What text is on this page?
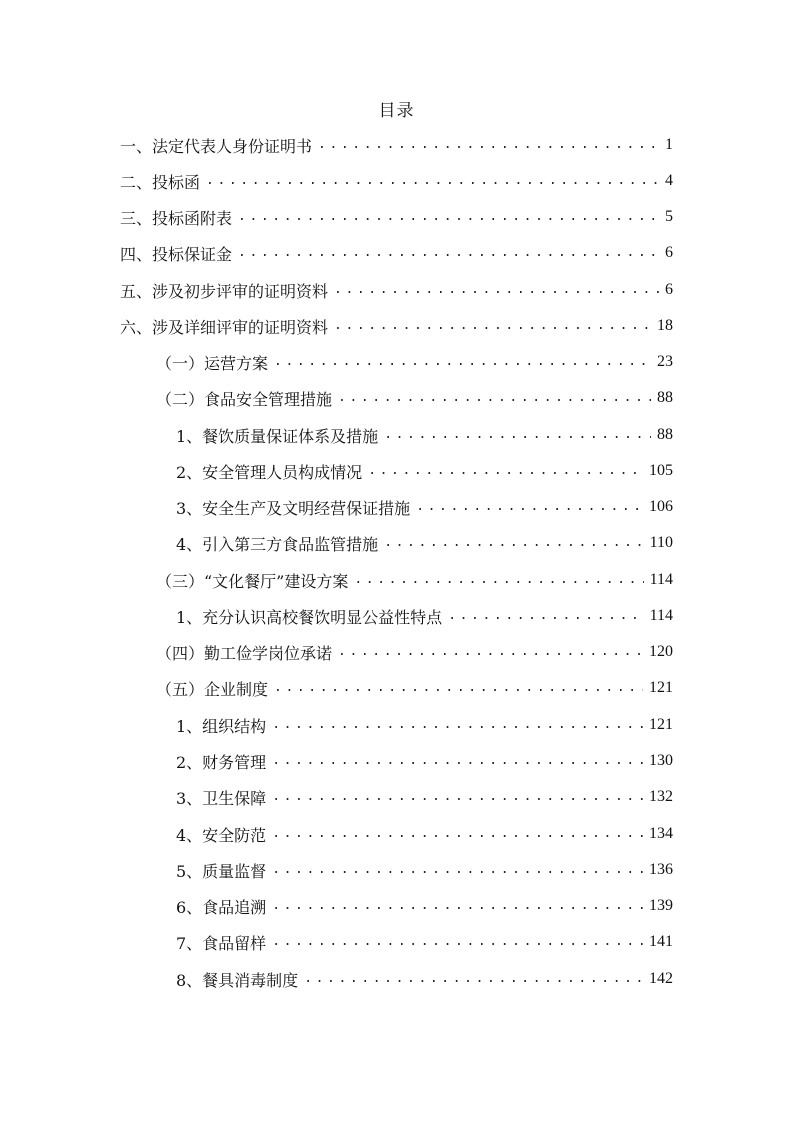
目录
一、法定代表人身份证明书 .....	1
二、投标函 .....	4
三、投标函附表 .....	5
四、投标保证金 .....	6
五、涉及初步评审的证明资料 .....	6
六、涉及详细评审的证明资料 .....	18
（一）运营方案 .....	23
（二）食品安全管理措施 .....	88
1、餐饮质量保证体系及措施 .....	88
2、安全管理人员构成情况 .....	105
3、安全生产及文明经营保证措施 .....	106
4、引入第三方食品监管措施 .....	110
（三）“文化餐厅”建设方案 .....	114
1、充分认识高校餐饮明显公益性特点 .....	114
（四）勤工俭学岗位承诺 .....	120
（五）企业制度 .....	121
1、组织结构 .....	121
2、财务管理 .....	130
3、卫生保障 .....	132
4、安全防范 .....	134
5、质量监督 .....	136
6、食品追溯 .....	139
7、食品留样 .....	141
8、餐具消毒制度 .....	142
